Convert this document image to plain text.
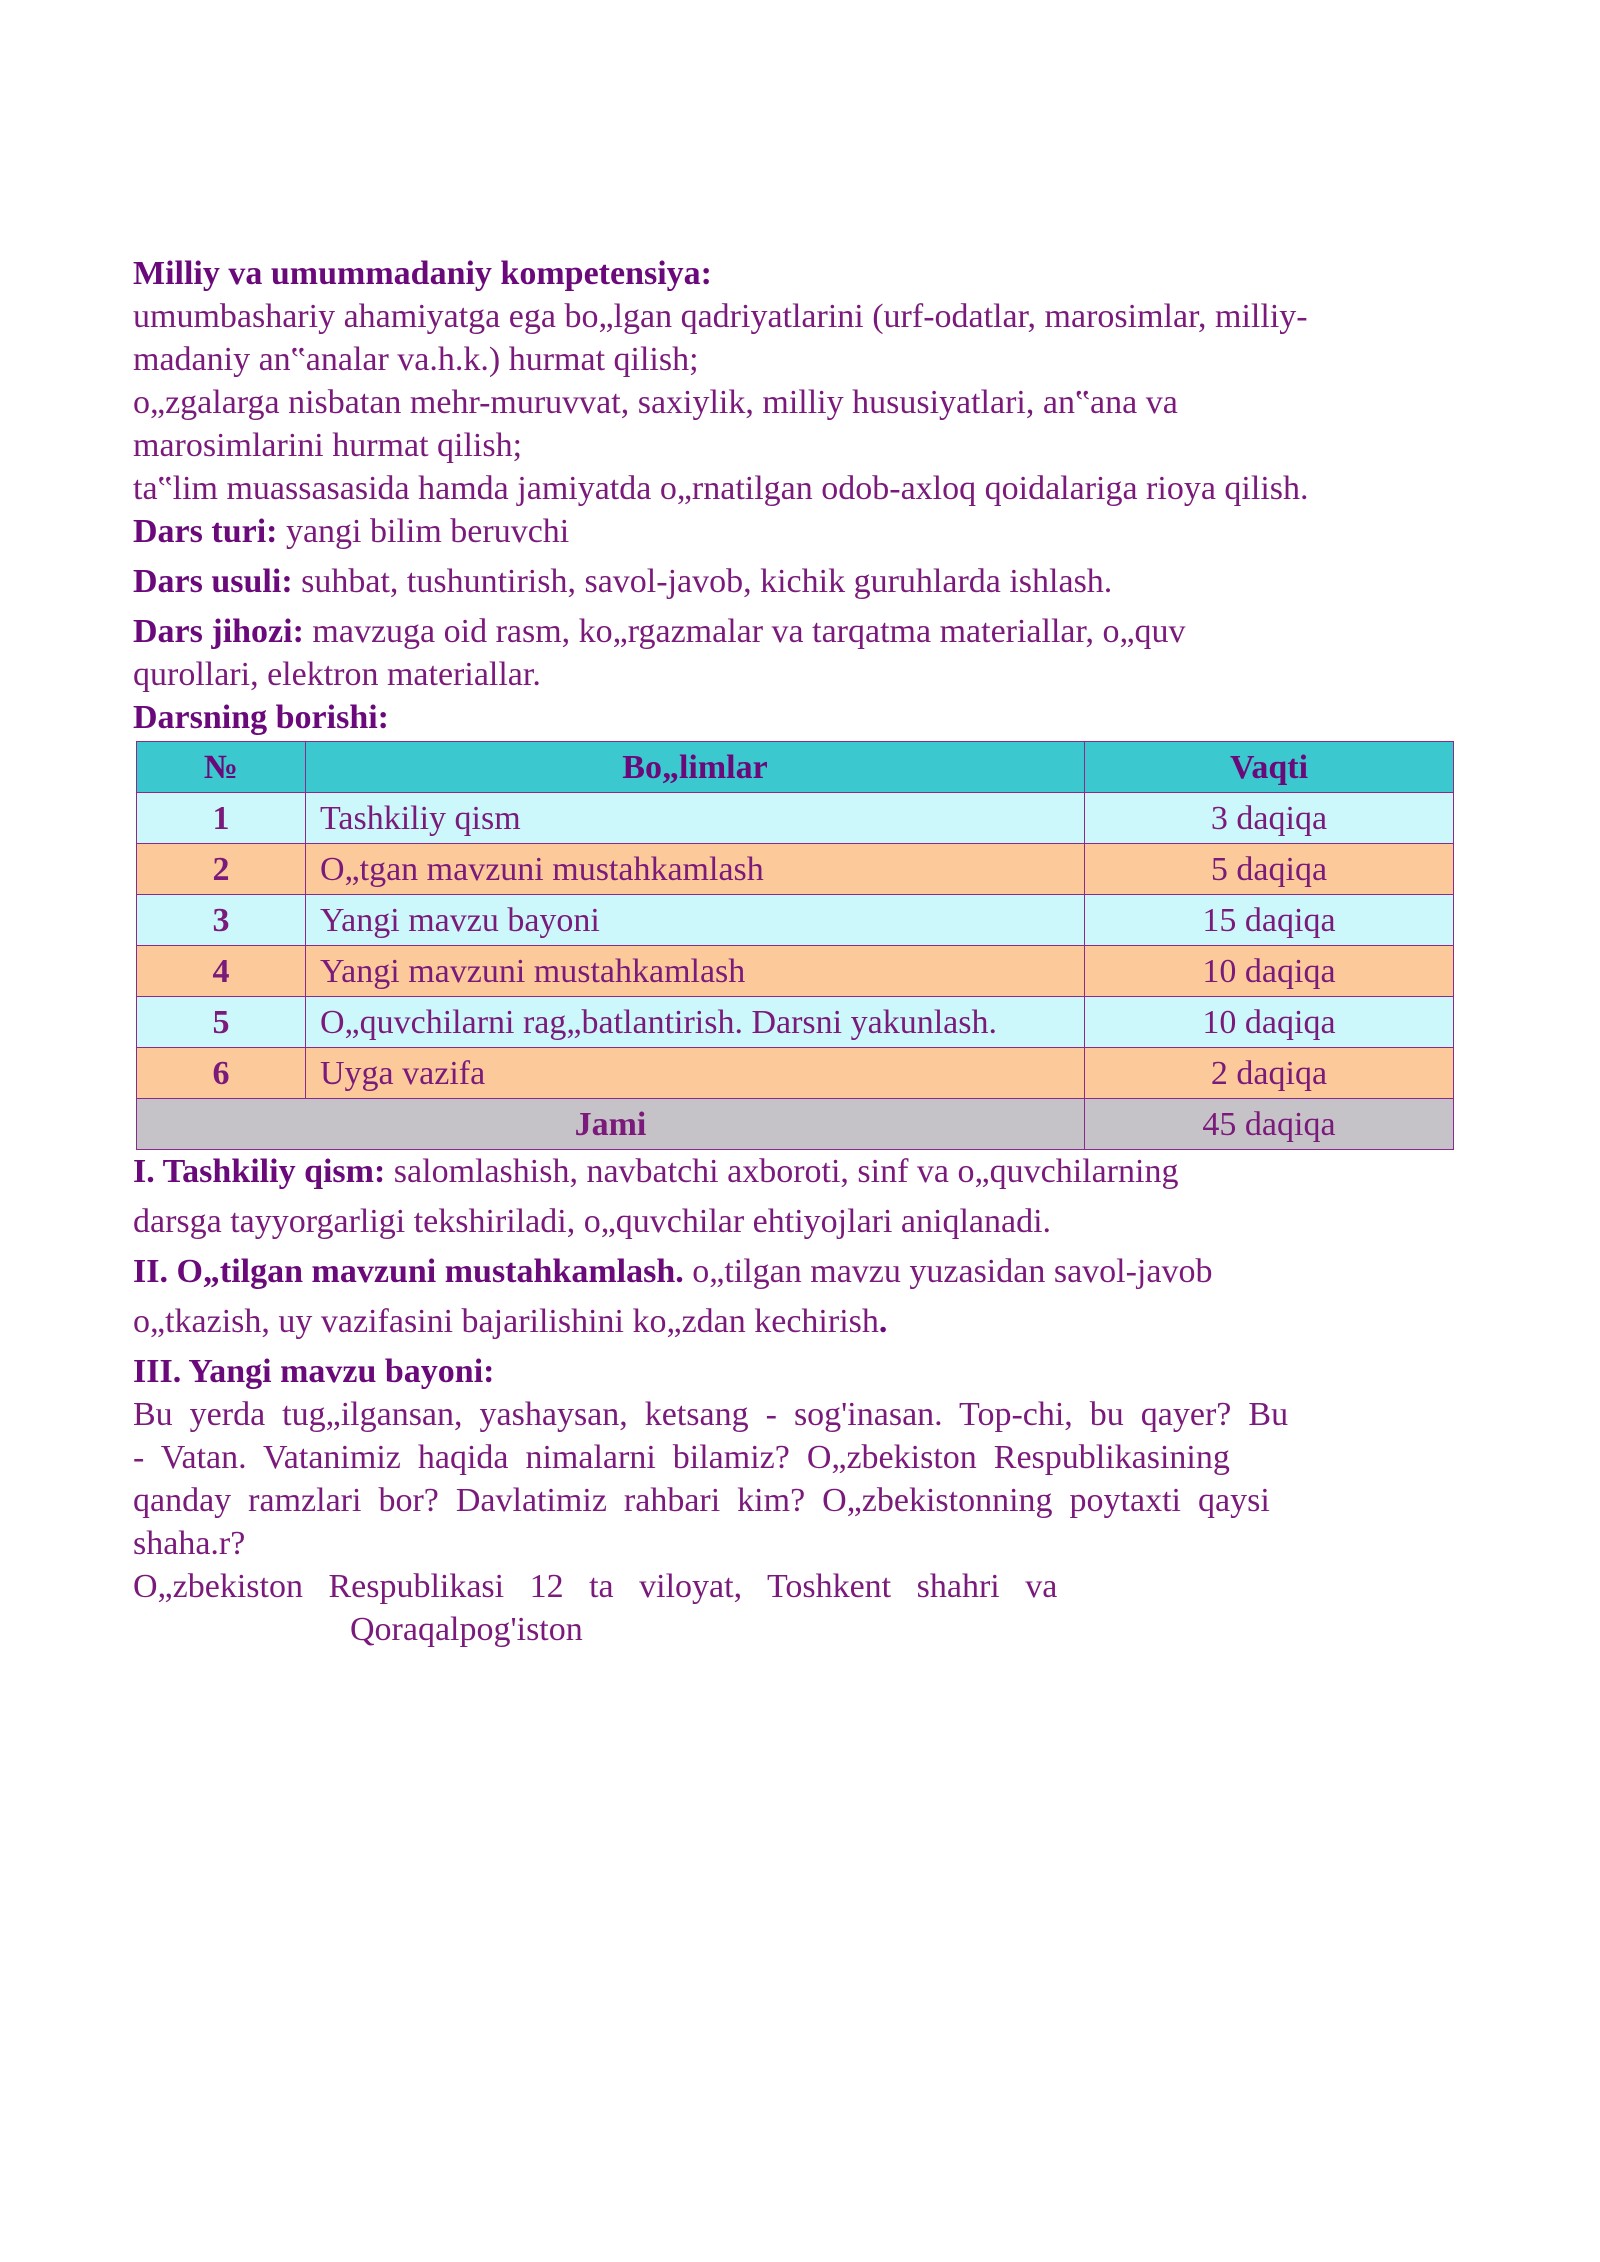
Milliy va umummadaniy kompetensiya:
umumbashariy ahamiyatga ega bo„lgan qadriyatlarini (urf-odatlar, marosimlar, milliy-
madaniy an‟analar va.h.k.) hurmat qilish;
o„zgalarga nisbatan mehr-muruvvat, saxiylik, milliy hususiyatlari, an‟ana va
marosimlarini hurmat qilish;
ta‟lim muassasasida hamda jamiyatda o„rnatilgan odob-axloq qoidalariga rioya qilish.
Dars turi: yangi bilim beruvchi
Dars usuli: suhbat, tushuntirish, savol-javob, kichik guruhlarda ishlash.
Dars jihozi: mavzuga oid rasm, ko„rgazmalar va tarqatma materiallar, o„quv
qurollari, elektron materiallar.
Darsning borishi:
№	Bo„limlar	Vaqti
1	Tashkiliy qism	3 daqiqa
2	O„tgan mavzuni mustahkamlash	5 daqiqa
3	Yangi mavzu bayoni	15 daqiqa
4	Yangi mavzuni mustahkamlash	10 daqiqa
5	O„quvchilarni rag„batlantirish. Darsni yakunlash.	10 daqiqa
6	Uyga vazifa	2 daqiqa
Jami		45 daqiqa
I. Tashkiliy qism: salomlashish, navbatchi axboroti, sinf va o„quvchilarning
darsga tayyorgarligi tekshiriladi, o„quvchilar ehtiyojlari aniqlanadi.
II. O„tilgan mavzuni mustahkamlash. o„tilgan mavzu yuzasidan savol-javob
o„tkazish, uy vazifasini bajarilishini ko„zdan kechirish.
III. Yangi mavzu bayoni:
Bu  yerda  tug„ilgansan,  yashaysan,  ketsang  -  sog'inasan.  Top-chi,  bu  qayer?  Bu
-  Vatan.  Vatanimiz  haqida  nimalarni  bilamiz?  O„zbekiston  Respublikasining
qanday  ramzlari  bor?  Davlatimiz  rahbari  kim?  O„zbekistonning  poytaxti  qaysi
shaha.r?
O„zbekiston   Respublikasi   12   ta   viloyat,   Toshkent   shahri   va
Qoraqalpog'iston
